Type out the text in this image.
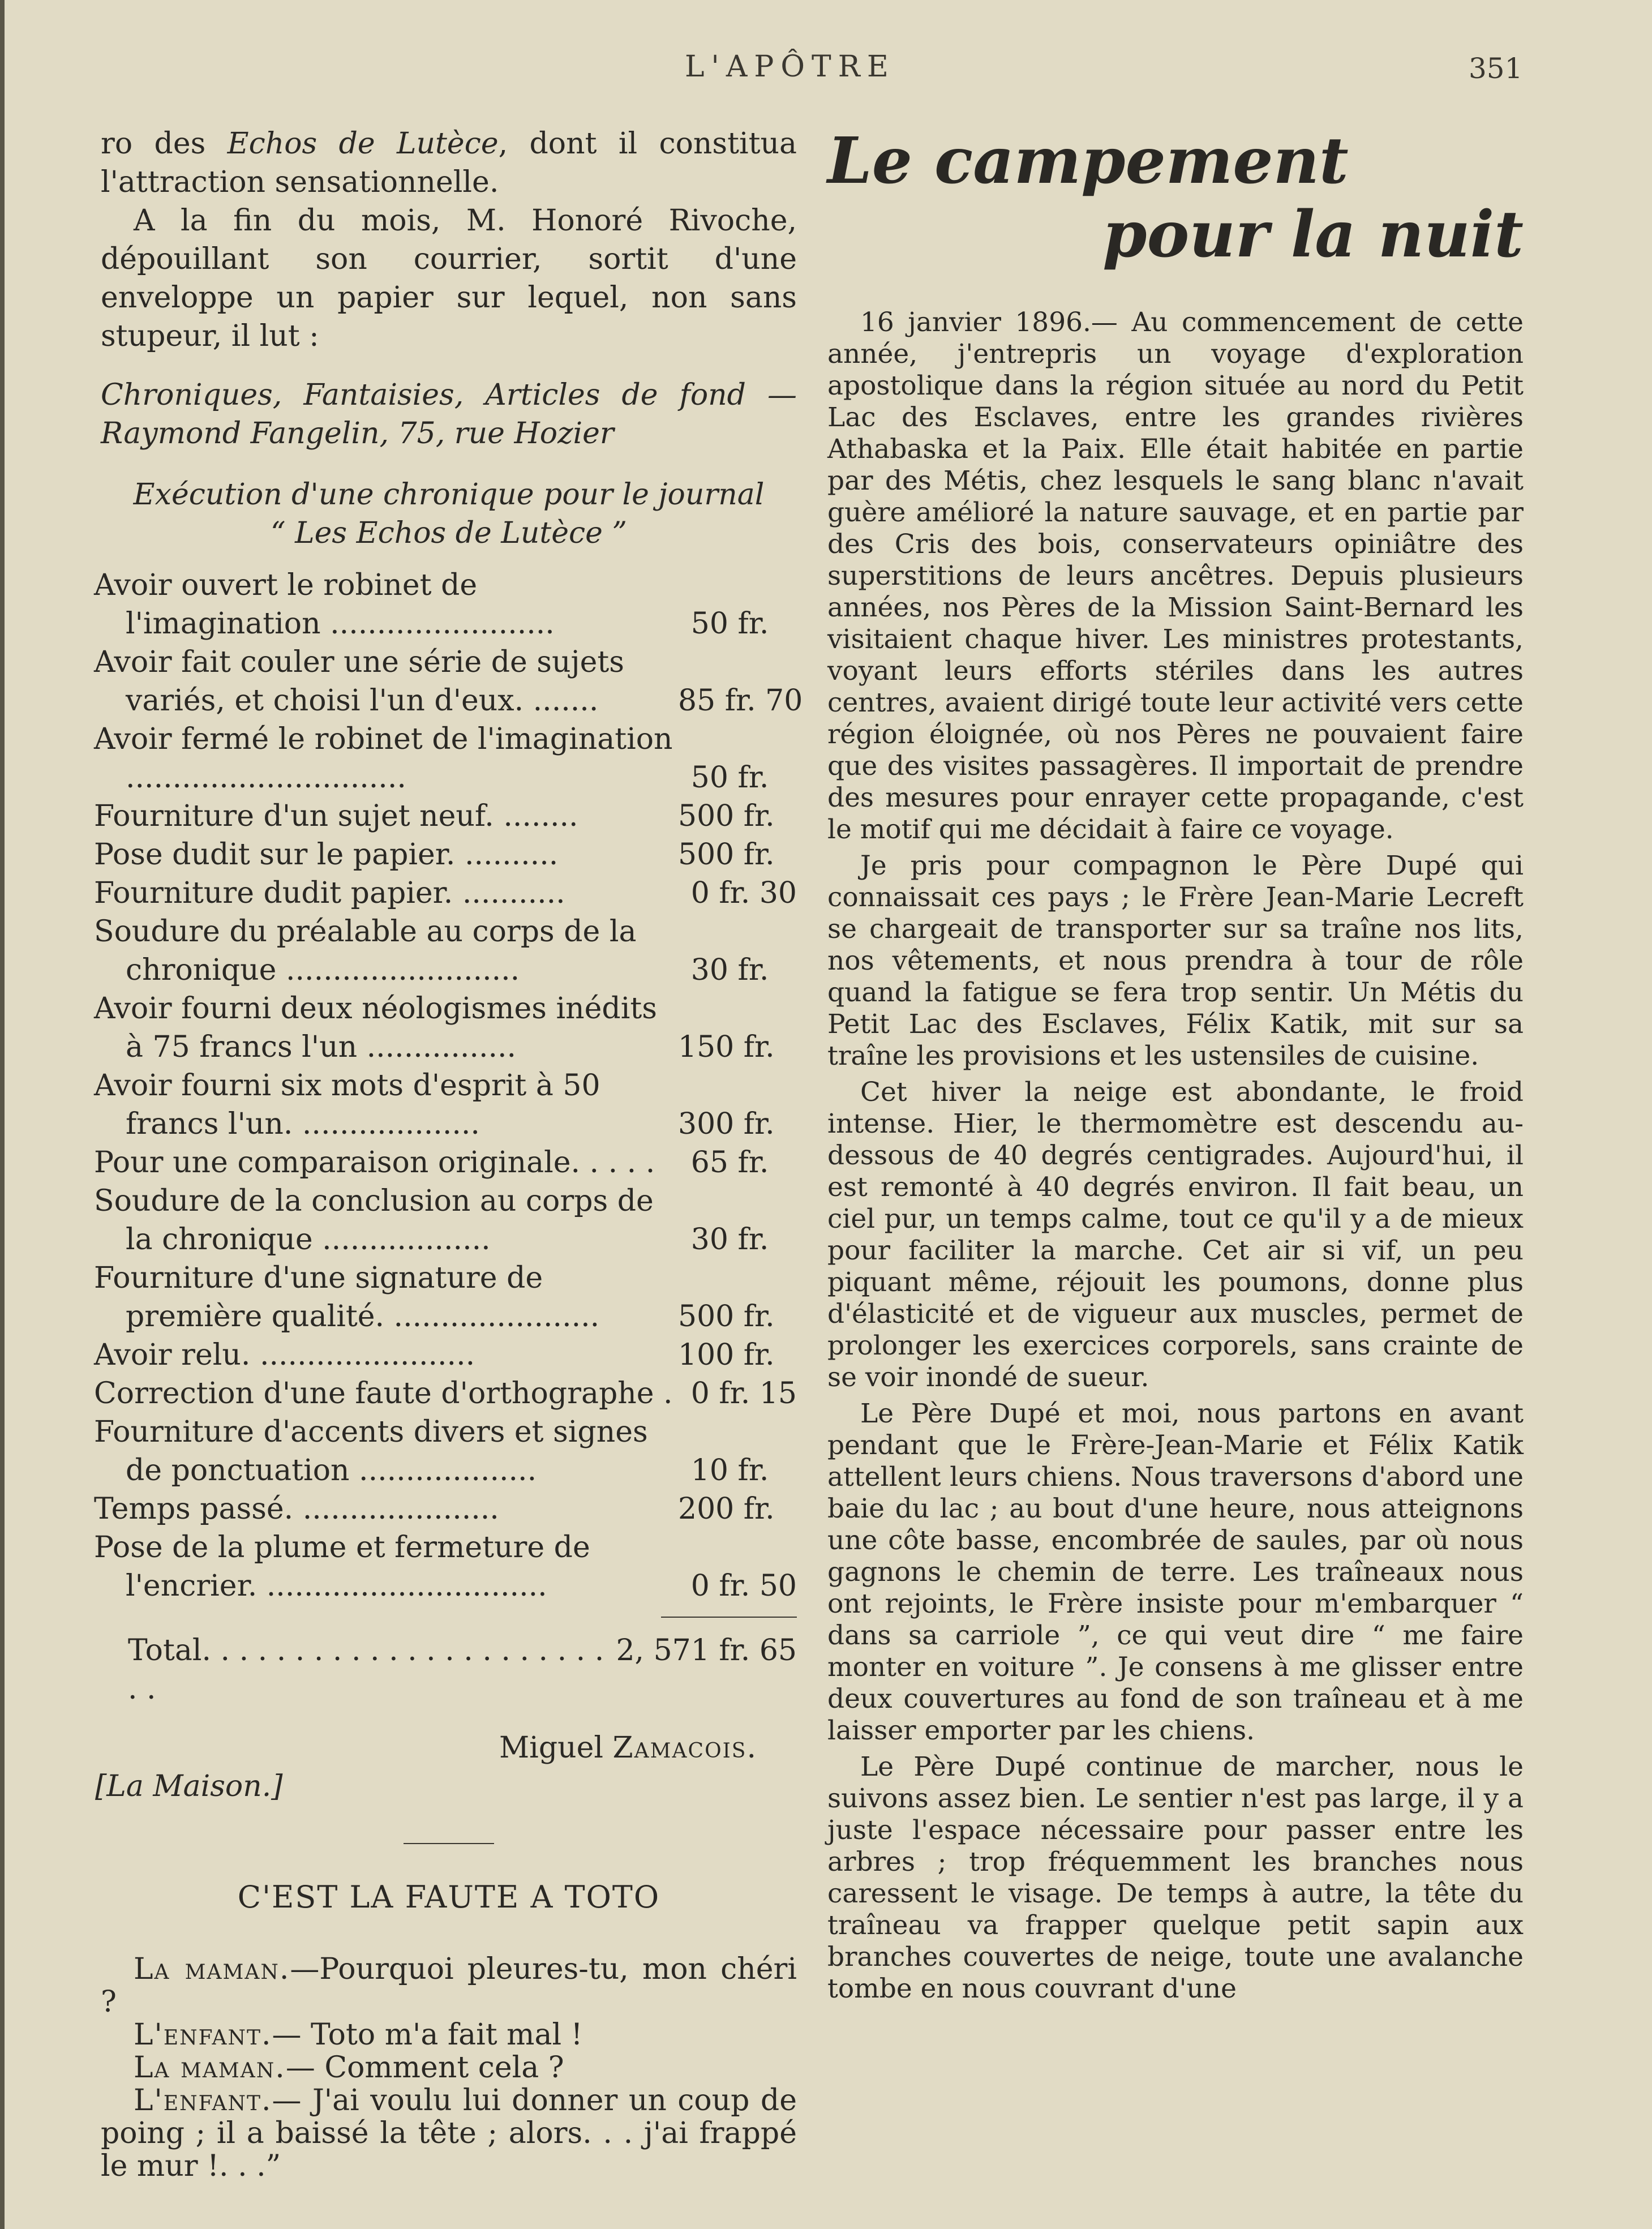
L'APÔTRE	351

ro des Echos de Lutèce, dont il constitua l'attraction sensationnelle.

A la fin du mois, M. Honoré Rivoche, dépouillant son courrier, sortit d'une enveloppe un papier sur lequel, non sans stupeur, il lut :

Chroniques, Fantaisies, Articles de fond — Raymond Fangelin, 75, rue Hozier

Exécution d'une chronique pour le journal
“ Les Echos de Lutèce ”
Avoir ouvert le robinet de l'imagination ........................	50 fr.
Avoir fait couler une série de sujets variés, et choisi l'un d'eux. .......	85 fr. 70
Avoir fermé le robinet de l'imagination ..............................	50 fr.
Fourniture d'un sujet neuf. ........	500 fr.
Pose dudit sur le papier. ..........	500 fr.
Fourniture dudit papier. ...........	0 fr. 30
Soudure du préalable au corps de la chronique .........................	30 fr.
Avoir fourni deux néologismes inédits à 75 francs l'un ................	150 fr.
Avoir fourni six mots d'esprit à 50 francs l'un. ...................	300 fr.
Pour une comparaison originale. . . . .	65 fr.
Soudure de la conclusion au corps de la chronique ..................	30 fr.
Fourniture d'une signature de première qualité. ......................	500 fr.
Avoir relu. .......................	100 fr.
Correction d'une faute d'orthographe . 0 fr. 15
Fourniture d'accents divers et signes de ponctuation ...................	10 fr.
Temps passé. .....................	200 fr.
Pose de la plume et fermeture de l'encrier. ..............................	0 fr. 50
Total. . . . . . . . . . . . . . . . . . . . . . . .
2, 571 fr. 65

Miguel Zamacois.

[La Maison.]

C'EST LA FAUTE A TOTO

La maman.—Pourquoi pleures-tu, mon chéri ?

L'enfant.— Toto m'a fait mal !

La maman.— Comment cela ?

L'enfant.— J'ai voulu lui donner un coup de poing ; il a baissé la tête ; alors. . . j'ai frappé le mur !. . .”

Le campement
pour la nuit

16 janvier 1896.— Au commencement de cette année, j'entrepris un voyage d'exploration apostolique dans la région située au nord du Petit Lac des Esclaves, entre les grandes rivières Athabaska et la Paix. Elle était habitée en partie par des Métis, chez lesquels le sang blanc n'avait guère amélioré la nature sauvage, et en partie par des Cris des bois, conservateurs opiniâtre des superstitions de leurs ancêtres. Depuis plusieurs années, nos Pères de la Mission Saint-Bernard les visitaient chaque hiver. Les ministres protestants, voyant leurs efforts stériles dans les autres centres, avaient dirigé toute leur activité vers cette région éloignée, où nos Pères ne pouvaient faire que des visites passagères. Il importait de prendre des mesures pour enrayer cette propagande, c'est le motif qui me décidait à faire ce voyage.

Je pris pour compagnon le Père Dupé qui connaissait ces pays ; le Frère Jean-Marie Lecreft se chargeait de transporter sur sa traîne nos lits, nos vêtements, et nous prendra à tour de rôle quand la fatigue se fera trop sentir. Un Métis du Petit Lac des Esclaves, Félix Katik, mit sur sa traîne les provisions et les ustensiles de cuisine.

Cet hiver la neige est abondante, le froid intense. Hier, le thermomètre est descendu au-dessous de 40 degrés centigrades. Aujourd'hui, il est remonté à 40 degrés environ. Il fait beau, un ciel pur, un temps calme, tout ce qu'il y a de mieux pour faciliter la marche. Cet air si vif, un peu piquant même, réjouit les poumons, donne plus d'élasticité et de vigueur aux muscles, permet de prolonger les exercices corporels, sans crainte de se voir inondé de sueur.

Le Père Dupé et moi, nous partons en avant pendant que le Frère-Jean-Marie et Félix Katik attellent leurs chiens. Nous traversons d'abord une baie du lac ; au bout d'une heure, nous atteignons une côte basse, encombrée de saules, par où nous gagnons le chemin de terre. Les traîneaux nous ont rejoints, le Frère insiste pour m'embarquer “ dans sa carriole ”, ce qui veut dire “ me faire monter en voiture ”. Je consens à me glisser entre deux couvertures au fond de son traîneau et à me laisser emporter par les chiens.

Le Père Dupé continue de marcher, nous le suivons assez bien. Le sentier n'est pas large, il y a juste l'espace nécessaire pour passer entre les arbres ; trop fréquemment les branches nous caressent le visage. De temps à autre, la tête du traîneau va frapper quelque petit sapin aux branches couvertes de neige, toute une avalanche tombe en nous couvrant d'une
